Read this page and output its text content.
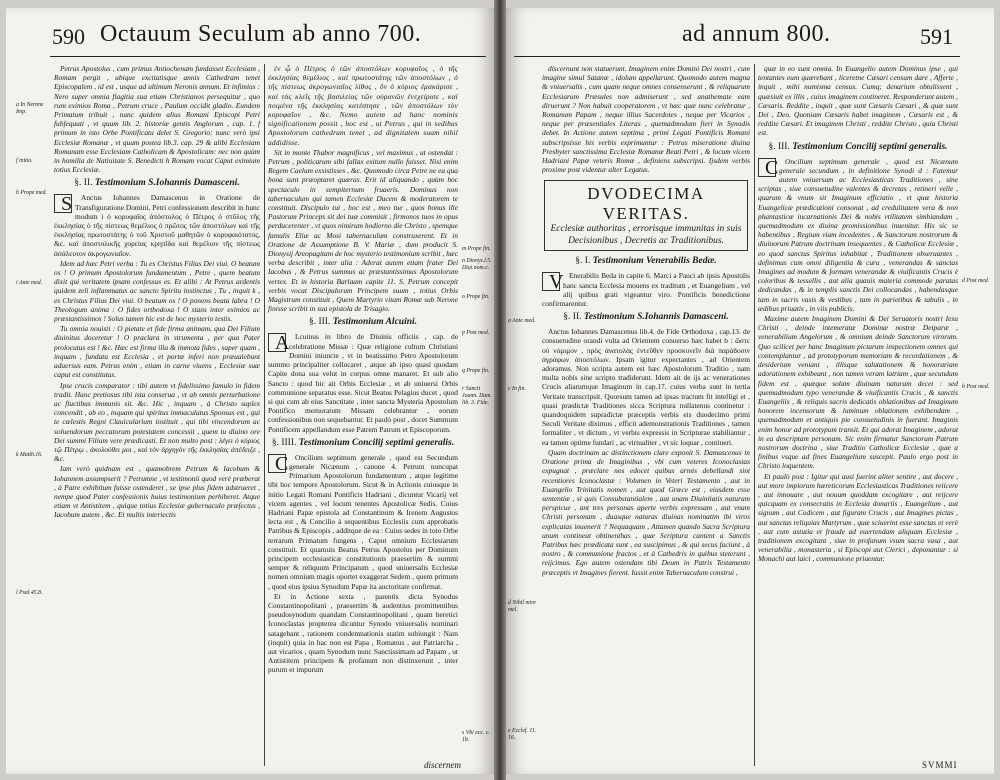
590 Octauum Seculum ab anno 700.
a In Nerone Imp.
f initio.
h Prope med.
i Ante med.
k Matth.16.
l Psal.45.8.

Petrus Apostolus , cum primus Antiochenam fundasset Ecclesiam , Romam pergit , ubique excitatisque annis Cathedram tenet Episcopalem , id est , usque ad ultimum Neronis annum. Et infimius : Nero super omnia flagitia sua etiam Christianos persequitur , quo rum eximios Roma , Petrum cruce , Paulum occidit gladio. Eundem Primatum tribuit , nunc quidem alius Romani Episcopi Petri fubfequuti , vt quum lib. 2. historiæ gentis Anglorum , cap. 1. f primum in isto Orbe Pontificatu delet S. Gregorio: nunc verò ipsi Ecclesiæ Romanæ , vt quum postea lib.3. cap. 29 & alibi Ecclesiam Romanam esse Ecclesiam Catholicam & Apostolicam: nec non quùm in homilia de Natiuitate S. Benedicti h Romam vocat Caput eximium totius Ecclesiæ.

§. II. Testimonium S.Iohannis Damasceni.

S Anctus Iohannes Damascenus in Oratione de Transfiguratione Domini, Petri confessionem describit in hunc modum i ὁ κορυφαῖος ἀπόστολος ὁ Πέτρος ὁ στῦλος τῆς ἐκκλησίας ὁ τῆς πίστεως θεμέλιος ὁ πρῶτος τῶν ἀποστόλων καὶ τῆς ἐκκλησίας πρωτοστάτης ὁ τοῦ Χριστοῦ μαθητῶν ὁ κορυφαιότατος, &c. καὶ ἀποστολικῆς χορείας κρηπῖδα καὶ θεμέλιον τῆς πίστεως ἀσάλευτον ἀκρογωνιαῖον.

Idem ad hæc Petri verba : Tu es Christus Filius Dei viui. O beatum os ! O primum Apostolorum fundamentum , Petre , quem beatum dixit qui veritatem ipsam confessus es. Et alibi : At Petrus ardentis quidem zeli inflammatus ac sancto Spiritu instinctus , Tu , inquit k , es Christus Filius Dei viui. O beatum os ! O ponens beata labra ! O Theologum anima : O fides orthodoxa ! O stans inter eximios ac præstantissimos ! Solus tamen hic est de hoc mysterio testis.

Tu omnia nouisti : O pietate et fide firma animam, qua Dei Filium diuinitus doceretur ! O praclara in strumenta , per qua Pater prolocutus est ! &c. Hæc est firma illa & immota fides , super quam , inquam , fundata est Ecclesia , et portæ inferi non præualebunt aduersus eam. Petrus enim , etiam in carne viuens , Ecclesiæ suæ caput est constitutus.

Ipse crucis comparator : tibi autem vt fidelissimo famulo in fidem tradit. Hanc pretiosus tibi ista conserua , vt ab omnis perturbatione ac fluctibus immunis sit. &c. Hic , inquam , à Christo suplex concendit , ab eo , inquam qui spiritus immaculatus Sponsus est , qui te cælestis Regni Clauicularium instituit , qui tibi vincendorum ac soluendorum peccatorum potestatem concessit , quem tu diuino ore Dei summi Filium vere prædicasti. Et non multo post : λέγει ὁ κύριος τῷ Πέτρῳ , ἀκολούθει μοι , καὶ τὸν ἀρχηγὸν τῆς ἐκκλησίας ἀπέδειξε , &c.

Iam verò quidnam est , quamobrem Petrum & Iacobum & Iohannem assumpserit ? Petrumne , vt testimonii quod verè præberat , à Patre exhibitum fuisse ostenderet , se ipse plus fidem adstrueret , nempe quod Pater confessionis huius testimonium perhiberet. Atque etiam vt Antistitem , quique totius Ecclesiæ gubernaculo præfectus , Iacobum autem , &c. Et multis interiectis

ἐν ᾧ ὁ Πέτρος ὁ τῶν ἀποστόλων κορυφαῖος , ὁ τῆς ἐκκλησίας θεμέλιος , καὶ πρωτοστάτης τῶν ἀποστόλων , ὁ τῆς πίστεως ἀκρογωνιαῖος λίθος , ὃν ὁ κύριος ἐμακάρισε , καὶ τὰς κλεῖς τῆς βασιλείας τῶν οὐρανῶν ἐνεχείρισε , καὶ ποιμένα τῆς ἐκκλησίας κατέστησε , τῶν ἀποστόλων τὸν κορυφαῖον , &c. Nemo autem ad hanc nominis significationem possit , hoc est , ut Petrus , qui in sedibus Apostolorum cathedram tenet , ad dignitatem suam nihil addidisse.

Sit in monte Thabor magnificus , vel maximus , ut ostendat : Petrum , politicarum sibi fallax exitum nullo fuisset. Nisi enim Regem Caelum exsistisses , &c. Quomodo circa Petre ne ea qua bona sunt præoptaret quæras. Erit id aliquando , quùm hoc spectaculo in sempiternum fruaeris. Dominus non tabernaculum qui tamen Ecclesiæ Ducem & moderatorem te constituit. Discipulo tui , hoc est , meo tue , quos bonus ille Pastorum Princeps sit dei tuæ commisit , firmonos tuos in opus perducerenter , vt quos nimirum hodierno die Christo , spemque famulis Eliæ ac Mosi tabernaculum construxerent. Et in Oratione de Assumptione B. V. Mariæ , dum producit S. Dionysij Areopagitam de hoc mysterio testimonium scribit , hæc verba describit , inter alia : Aderat autem etiam frater Dei Iacobus , & Petrus summus ac præstantissimus Apostolorum vertex. Et in historia Barlaam capite 11. S. Petrum concepit verbis vocat Discipulorum Principem suum , totius Orbis Magistrum constituit , Quem Martyrio vitam Romæ sub Nerone finisse scribit in sua epistola de Trisagio.

§. III. Testimonium Alcuini.

A Lcuinus in libro de Diuinis officiis , cap. de celebratione Missæ : Quæ religione cultum Christiani Domini iniuncte , vt in beatissimo Petro Apostolorum summo principaliter collocaret , atque ab ipso quasi quodam Capite dona sua velut in corpus omne manaret. Et sub alio Sancto : quod hic ait Orbis Ecclesiæ , et ab uniuersi Orbis communione separatus esse. Sicut Beatus Pelagius ducet , quod si qui cum ab eius Sanctitate , inter sancta Mysteria Apostolum Pontifico memoratum Missam celebrantur , eorum confessionibus non sequebantur. Et paulò post , docet Summum Pontificem appellandum esse Patrem Patrum et Episcoporum.

§. IIII. Testimonium Concilij septimi generalis.

C Oncilium septimum generale , quod est Secundum generale Nicænum , canone 4. Petrum nuncupat Primarium Apostolorum fundamentum , atque legitime tibi hoc tempore Apostolorum. Sicut & in Actionis cuiusque in initio Legati Romani Pontificis Hadriani , dicuntur Vicarij vel vicem agentes , vel locum tenentes Apostolicæ Sedis. Cuius Hadriani Papæ epistola ad Constantinum & Irenem Augustos lecta est , & Concilio à sequentibus Ecclesiis cum approbatis Patribus & Episcopis , additque de ea : Cuius sedes in toto Orbe terrarum Primatum fungens , Caput omnium Ecclesiarum constituit. Et quamuis Beatus Petrus Apostolus per Dominum principem ecclesiasticæ constitutionis praesertim & summi semper & reliquum Principatum , quod uniuersalis Ecclesiæ nomen omnium magis oportet exaggerat Sedem , quem primum , quod eius ipsius Synodum Papæ ita auctoritate confirmat.

Et in Actione sexta , parentis dicta Synodus Constantinopolitani , praesertim & audentius promittentibus pseudosynodum quandam Constantinopolitani , quam heretici Iconoclastas propterea dicuntur Synodo vniuersalis nominari satagebant , rationem condemnationis statim subiungit : Nam (inquit) quia in hac non est Papa , Romanus , aut Patriarcha , aut vicarios , quam Synodum nunc Sanctissimam ad Papam , ut Antistitem principem & profanum non distinxerunt , inter purum et impurum

m Prope fin.
n Dionys.l.5. Diui.nom.c.
o Prope fin.
p Post med.
q Prope fin.
r Sancti Joann. Dam. lib. 3. Fide.
s Vbi ecc. c. 1b.
discernem
ad annum 800.	591
a Ante med.
c In fin.
d Nihil mire mel.

discernunt non statuerunt. Imaginem enim Domini Dei nostri , cum imagine simul Satanæ , idolum appellarunt. Quomodo autem magna & vniuersalis , cum quam neque omnes consenserunt , & reliquarum Ecclesiarum Præsules non admiserunt , sed anathemate eam diruerunt ? Non habuit cooperatorem , vt hæc quæ nunc celebratur , Romanum Papam , neque illius Sacerdotes , neque per Vicarios , neque per præsentiales Literas , quemadmodum fieri in Synodis debet. In Actione autem septima , primi Legati Pontificis Romani subscripsisse his verbis exprimuntur : Petrus miseratione diuina Presbyter sanctissima Ecclesiæ Romanæ Beati Petri , & locum vicem Hadriani Papæ veteris Romæ , definiens subscripsi. Ijsdem verbis proxime post videntur alter Legatus.

DVODECIMA VERITAS.
Ecclesiæ authoritas , errorisque immunitas in suis Decisionibus , Decretis ac Traditionibus.
§. I. Testimonium Venerabilis Bedæ.

V Enerabilis Beda in capite 6. Marci a Pauci ab ipsis Apostolis hanc sancta Ecclesia mouens ex traditum , et Euangelium , vel alij quibus grati vigeantur viro. Pontificis benedictione confirmarentur.

§. II. Testimonium S.Iohannis Damasceni.

Anctus Iohannes Damascenus lib.4. de Fide Orthodoxa , cap.13. de consuetudine orandi vulta ad Orientem conuerso hæc habet b : ὥστε οὐ νόμιμον , πρὸς ἀνατολὰς ἐντεῦθεν προσκυνεῖν διὰ παράδοσιν ἀγράφων ἀποστόλων. Ipsam igitur expectantes , ad Orientem adoramus. Non scripta autem est hæc Apostolorum Traditio , nam multa nobis sine scripto tradiderunt. Idem ait de ijs ac venerationes Crucis aliarumque Imaginum in cap.17. cuius verba sunt in tertia Veritate transcripsit. Quorsum tamen ad ipsas tractum fit intelligi et , quasi prædictæ Traditiones sicca Scriptura nullatenus continetur : quandoquidem supradictæ præceptis verbis eis duodecimo primi Seculi Veritate diximus , efficit ademonstrationis Traditiones , tamen formaliter , vt dictum , vt verbis expressis in Scripturae stabiliantur , ea tamen optime fundari , ac virtualiter , vt sic loquar , contineri.

Quam doctrinam ac distinctionem clare exponit S. Damascenus in Oratione prima de Imaginibus , vbi cum veteres Iconoclastas expugnat , præclare nos edocet quibus armis debellandi sint recentiores Iconoclastæ : Volumen in Veteri Testamento , aut in Euangelio Trinitatis nomen , aut quod Græce est , eiusdem esse sententiæ , si quis Consubstantialem , aut unam Diuinitatis naturam perspicue , ant tres personas aperte verbis expressam , aut vnam Christi personam , duasque naturas diuinas nominatim ibi viros explicatas inuenerit ? Nequaquam , Attamen quando Sacra Scriptura unum contineat obtinenthas , quæ Scriptura cantent a Sanctis Patribus hæc prædicata sunt , ea suscipimus , & qui secus faciunt , à nostro , & communione fractos , et à Cathedris in quibus steterunt , reijcimus. Ego autem ostendam tibi Deum in Patris Testamento præceptis vt Imagines fierent. Iussit enim Tabernaculum construi ,

quæ in eo sunt omnia. In Euangelio autem Dominus ipse , qui tentantes eum quærebant , liceretne Cæsari censum dare , Afferte , inquit , mihi numisma census. Cumq; denarium obtulissent , quæsiuit ex illis , cuius imaginem contineret. Responderunt autem , Cæsaris. Reddite , inquit , quæ sunt Cæsaris Cæsari , & quæ sunt Dei , Deo. Quoniam Cæsaris habet imaginem , Cæsaris est , & reddite Cæsari. Et imaginem Christi , reddite Christo , quia Christi est.

§. III. Testimonium Concilij septimi generalis.

C Oncilium septimum generale , quod est Nicænum generale secundum , in definitione Synodi d : Fatemur autem vniuersam ac Ecclesiasticas Traditiones , sine scriptas , siue consuetudine valentes & decretas , retineri velle , quarum & vnum sit Imaginum efficiatio , vt quæ historia Euangelicæ prædicationi consonat , ad credulitatem vera & non phantasticæ incarnationis Dei & nobis vtilitatem simbiandam , quemadmodum ex diuina promissionibus inuenitur. His sic se habentibus , Regium viam incedentes , & Sanctorum nostrorum & diuinorum Patrum doctrinam insequentes , & Catholicæ Ecclesiæ , eo quod sanctus Spiritus inhabitat , Traditionem obseruantes , definimus cum omni diligentia & cura , venerandas & sanctas Imagines ad modum & formam venerandæ & viuificantis Crucis è coloribus & tessellis , aut alia quauis materia commode paratas dedicandas , & in templis sanctis Dei collocandas , habendasque tam in sacris vasis & vestibus , tam in parietibus & tabulis , in ædibus priuatis , in viis publicis.

Maxime autem Imaginem Domini & Dei Seruatoris nostri Iesu Christi , deinde intemeratæ Dominæ nostræ Deiparæ , venerabilium Angelorum , & omnium deinde Sanctorum virorum. Quo scilicet per hanc Imaginum pictarum inspectionem omnes qui contemplantur , ad prototyporum memoriam & recordationem , & desiderium veniant , illisque salutationem & honorariam adorationem exhibeant , non tamen veram latriam , quæ secundum fidem est , quæque solam diuinam naturam decet : sed quemadmodum typo venerandæ & viuificantis Crucis , & sanctis Euangeliis , & reliquis sacris dedicatis oblationibus ad Imaginum honorem incensorum & luminum oblationem exhibendam , quemadmodum et antiquis pie consuetudinis in fuerant. Imaginis enim honor ad prototypum transit. Et qui adorat Imaginem , adorat in ea descriptam personam. Sic enim firmatur Sanctorum Patrum nostrorum doctrina , siue Traditio Catholicæ Ecclesiæ , quæ a finibus vsque ad fines Euangelium suscepit. Paulo ergo post in Christo loquentem.

Et paulò post : Igitur qui ausi fuerint aliter sentire , aut docere , aut more impiorum hæreticorum Ecclesiasticas Traditiones reiicere , aut innouare , aut nouum quoddam excogitare , aut reijcere quicquam ex consecratis in Ecclesia donariis , Euangelium , aut signum , aut Codicem , aut figuram Crucis , aut Imagines pictas , aut sanctas reliquias Martyrum , quæ sciuerint esse sanctas et verè , aut cum astutia et fraude ad euertendam aliquam Ecclesiæ , traditionem excogitant , siue in profanum vsum sacra vasa , aut venerabilia , monasteria , si Episcopi aut Clerici , deponantur : si Monachi aut laici , communione priuentur.

d Post med.
b Post med.
e Ecclef. 11. 16.
SVMMI
